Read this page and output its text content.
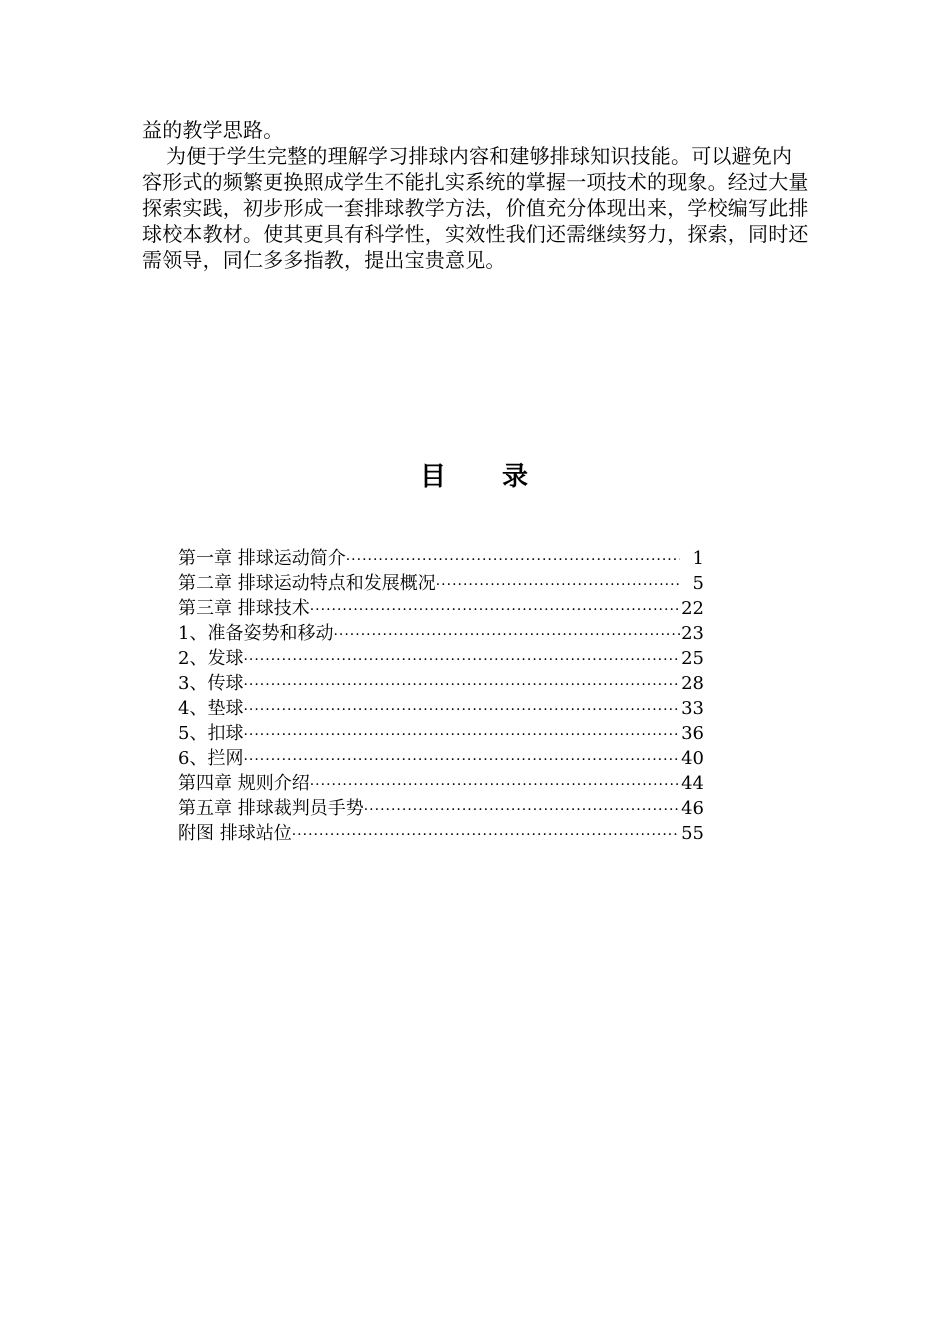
益的教学思路。

为便于学生完整的理解学习排球内容和建够排球知识技能。可以避免内容形式的频繁更换照成学生不能扎实系统的掌握一项技术的现象。经过大量探索实践，初步形成一套排球教学方法，价值充分体现出来，学校编写此排球校本教材。使其更具有科学性，实效性我们还需继续努力，探索，同时还需领导，同仁多多指教，提出宝贵意见。

目 录
第一章 排球运动简介 ·····	1
第二章 排球运动特点和发展概况 ·····	5
第三章 排球技术 ·····	22
1、准备姿势和移动 ·····	23
2、发球 ·····	25
3、传球 ·····	28
4、垫球 ·····	33
5、扣球 ·····	36
6、拦网 ·····	40
第四章 规则介绍 ·····	44
第五章 排球裁判员手势 ·····	46
附图 排球站位 ·····	55
